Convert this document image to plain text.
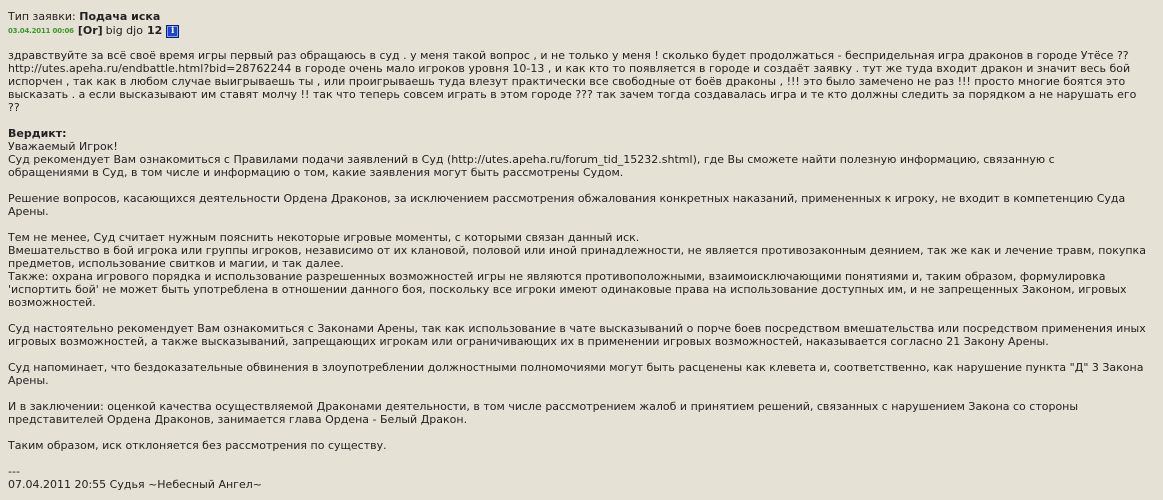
Тип заявки: Подача иска
03.04.2011 00:06 [Or] big djo 12 i
здравствуйте за всё своё время игры первый раз обращаюсь в суд . у меня такой вопрос , и не только у меня ! сколько будет продолжаться - беспридельная игра драконов в городе Утёсе ??
http://utes.apeha.ru/endbattle.html?bid=28762244 в городе очень мало игроков уровня 10-13 , и как кто то появляется в городе и создаёт заявку . тут же туда входит дракон и значит весь бой
испорчен , так как в любом случае выигрываешь ты , или проигрываешь туда влезут практически все свободные от боёв драконы , !!! это было замечено не раз !!! просто многие боятся это
высказать . а если высказывают им ставят молчу !! так что теперь совсем играть в этом городе ??? так зачем тогда создавалась игра и те кто должны следить за порядком а не нарушать его
??
Вердикт:
Уважаемый Игрок!
Суд рекомендует Вам ознакомиться с Правилами подачи заявлений в Суд (http://utes.apeha.ru/forum_tid_15232.shtml), где Вы сможете найти полезную информацию, связанную с
обращениями в Суд, в том числе и информацию о том, какие заявления могут быть рассмотрены Судом.
Решение вопросов, касающихся деятельности Ордена Драконов, за исключением рассмотрения обжалования конкретных наказаний, примененных к игроку, не входит в компетенцию Суда
Арены.
Тем не менее, Суд считает нужным пояснить некоторые игровые моменты, с которыми связан данный иск.
Вмешательство в бой игрока или группы игроков, независимо от их клановой, половой или иной принадлежности, не является противозаконным деянием, так же как и лечение травм, покупка
предметов, использование свитков и магии, и так далее.
Также: охрана игрового порядка и использование разрешенных возможностей игры не являются противоположными, взаимоисключающими понятиями и, таким образом, формулировка
'испортить бой' не может быть употреблена в отношении данного боя, поскольку все игроки имеют одинаковые права на использование доступных им, и не запрещенных Законом, игровых
возможностей.
Суд настоятельно рекомендует Вам ознакомиться с Законами Арены, так как использование в чате высказываний о порче боев посредством вмешательства или посредством применения иных
игровых возможностей, а также высказываний, запрещающих игрокам или ограничивающих их в применении игровых возможностей, наказывается согласно 21 Закону Арены.
Суд напоминает, что бездоказательные обвинения в злоупотреблении должностными полномочиями могут быть расценены как клевета и, соответственно, как нарушение пункта "Д" 3 Закона
Арены.
И в заключении: оценкой качества осуществляемой Драконами деятельности, в том числе рассмотрением жалоб и принятием решений, связанных с нарушением Закона со стороны
представителей Ордена Драконов, занимается глава Ордена - Белый Дракон.
Таким образом, иск отклоняется без рассмотрения по существу.
---
07.04.2011 20:55 Судья ~Небесный Ангел~
